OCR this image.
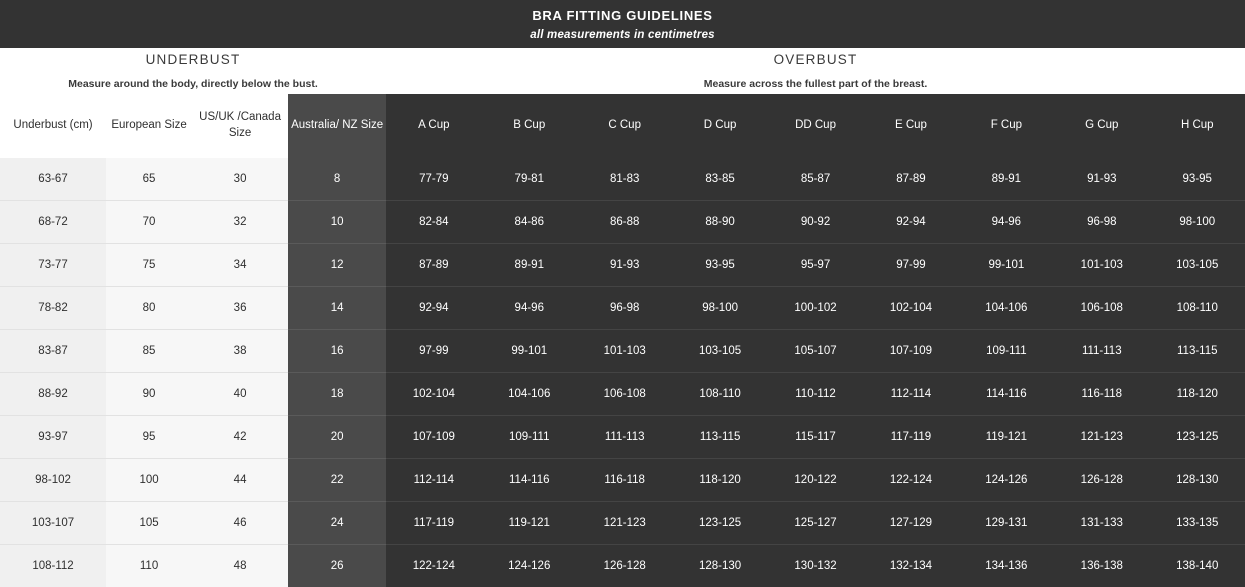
BRA FITTING GUIDELINES
all measurements in centimetres
UNDERBUST
Measure around the body, directly below the bust.
OVERBUST
Measure across the fullest part of the breast.
Underbust (cm)	European Size	US/UK /Canada Size	Australia/ NZ Size	A Cup	B Cup	C Cup	D Cup	DD Cup	E Cup	F Cup	G Cup	H Cup
63-67	65	30	8	77-79	79-81	81-83	83-85	85-87	87-89	89-91	91-93	93-95
68-72	70	32	10	82-84	84-86	86-88	88-90	90-92	92-94	94-96	96-98	98-100
73-77	75	34	12	87-89	89-91	91-93	93-95	95-97	97-99	99-101	101-103	103-105
78-82	80	36	14	92-94	94-96	96-98	98-100	100-102	102-104	104-106	106-108	108-110
83-87	85	38	16	97-99	99-101	101-103	103-105	105-107	107-109	109-111	111-113	113-115
88-92	90	40	18	102-104	104-106	106-108	108-110	110-112	112-114	114-116	116-118	118-120
93-97	95	42	20	107-109	109-111	111-113	113-115	115-117	117-119	119-121	121-123	123-125
98-102	100	44	22	112-114	114-116	116-118	118-120	120-122	122-124	124-126	126-128	128-130
103-107	105	46	24	117-119	119-121	121-123	123-125	125-127	127-129	129-131	131-133	133-135
108-112	110	48	26	122-124	124-126	126-128	128-130	130-132	132-134	134-136	136-138	138-140
